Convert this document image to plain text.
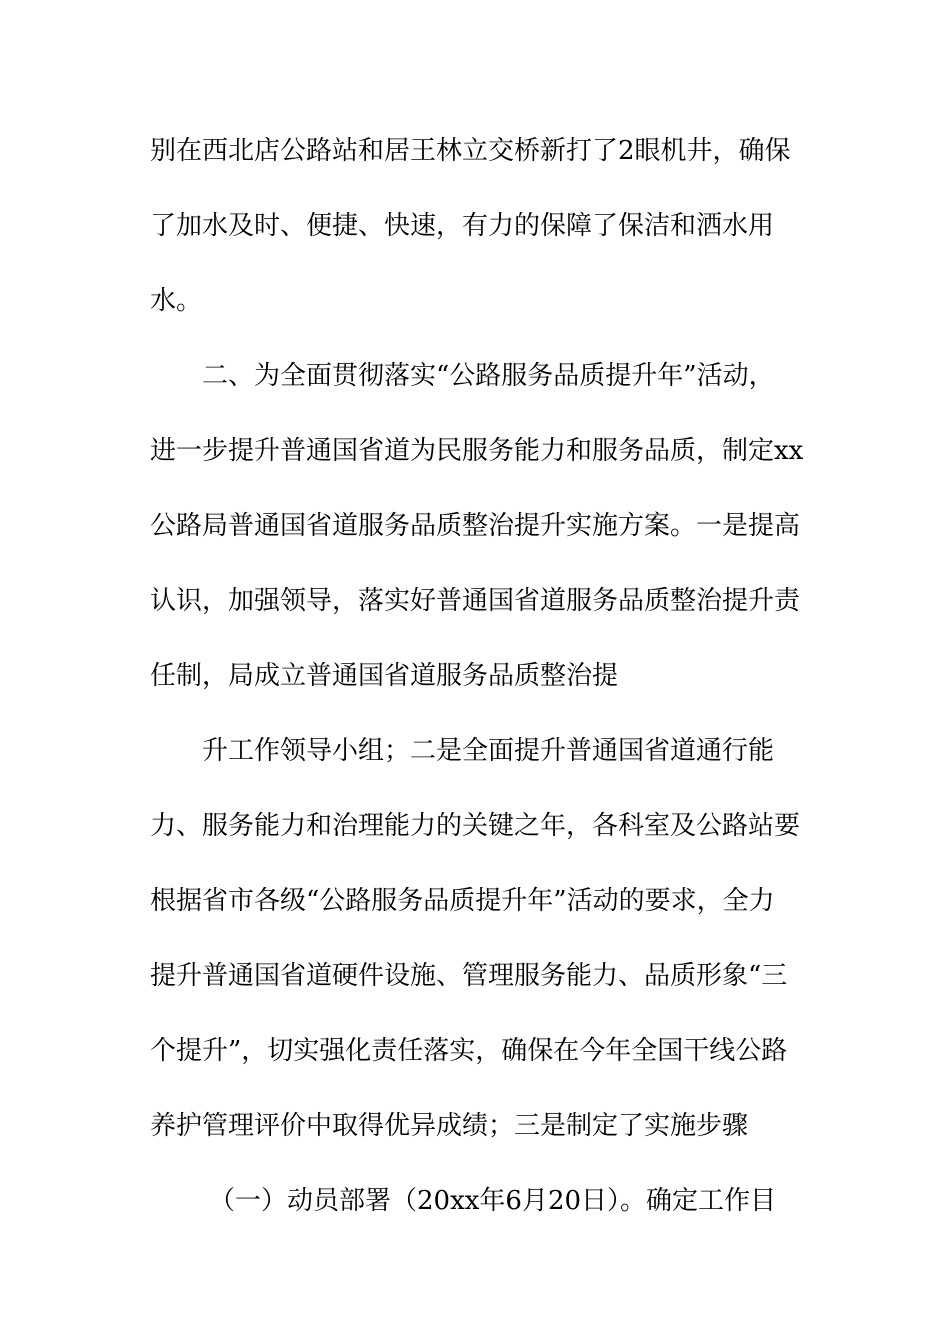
别在西北店公路站和居王林立交桥新打了2眼机井，确保

了加水及时、便捷、快速，有力的保障了保洁和洒水用

水。

二、为全面贯彻落实“公路服务品质提升年”活动，

进一步提升普通国省道为民服务能力和服务品质，制定xx

公路局普通国省道服务品质整治提升实施方案。一是提高

认识，加强领导，落实好普通国省道服务品质整治提升责

任制，局成立普通国省道服务品质整治提

升工作领导小组；二是全面提升普通国省道通行能

力、服务能力和治理能力的关键之年，各科室及公路站要

根据省市各级“公路服务品质提升年”活动的要求，全力

提升普通国省道硬件设施、管理服务能力、品质形象“三

个提升”，切实强化责任落实，确保在今年全国干线公路

养护管理评价中取得优异成绩；三是制定了实施步骤

（一）动员部署（20xx年6月20日）。确定工作目
